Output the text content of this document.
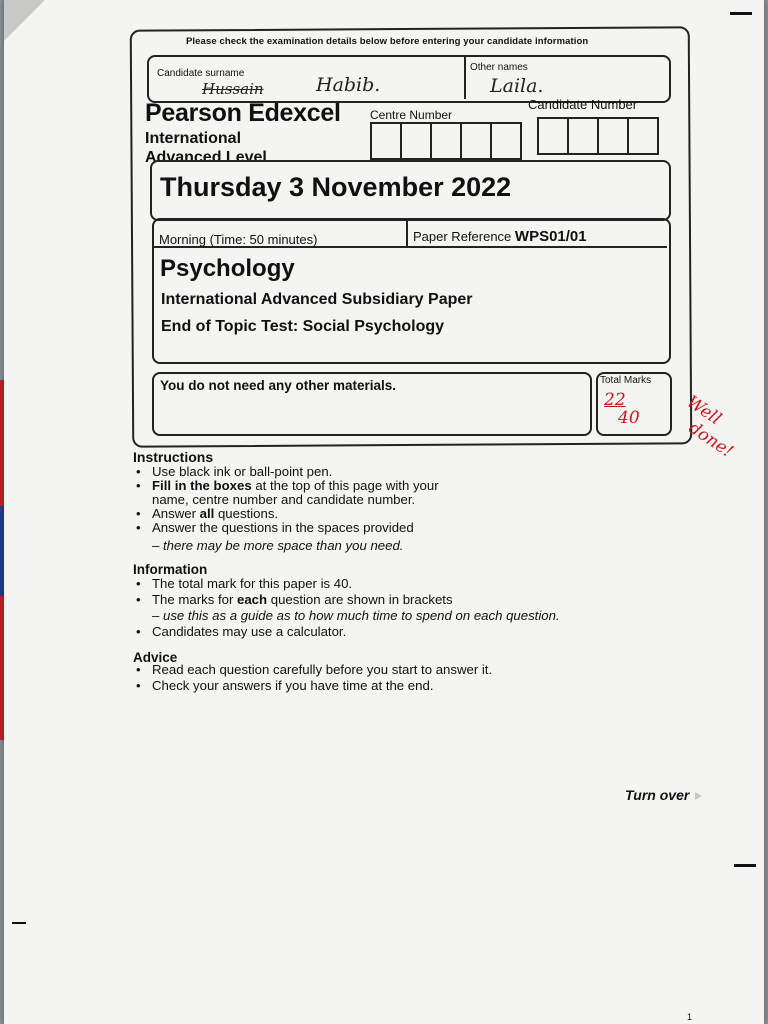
Please check the examination details below before entering your candidate information
Candidate surname
Hussain	Habib.
Other names
Laila.
Pearson Edexcel
International
Advanced Level
Centre Number
Candidate Number
Thursday 3 November 2022
Morning (Time: 50 minutes)	Paper Reference WPS01/01
Psychology
International Advanced Subsidiary Paper
End of Topic Test: Social Psychology
You do not need any other materials.	Total Marks
22
40	Well
done!
Instructions
• Use black ink or ball-point pen.
• Fill in the boxes at the top of this page with your
name, centre number and candidate number.
• Answer all questions.
• Answer the questions in the spaces provided
– there may be more space than you need.
Information
• The total mark for this paper is 40.
• The marks for each question are shown in brackets
– use this as a guide as to how much time to spend on each question.
• Candidates may use a calculator.
Advice
• Read each question carefully before you start to answer it.
• Check your answers if you have time at the end.
Turn over
1
